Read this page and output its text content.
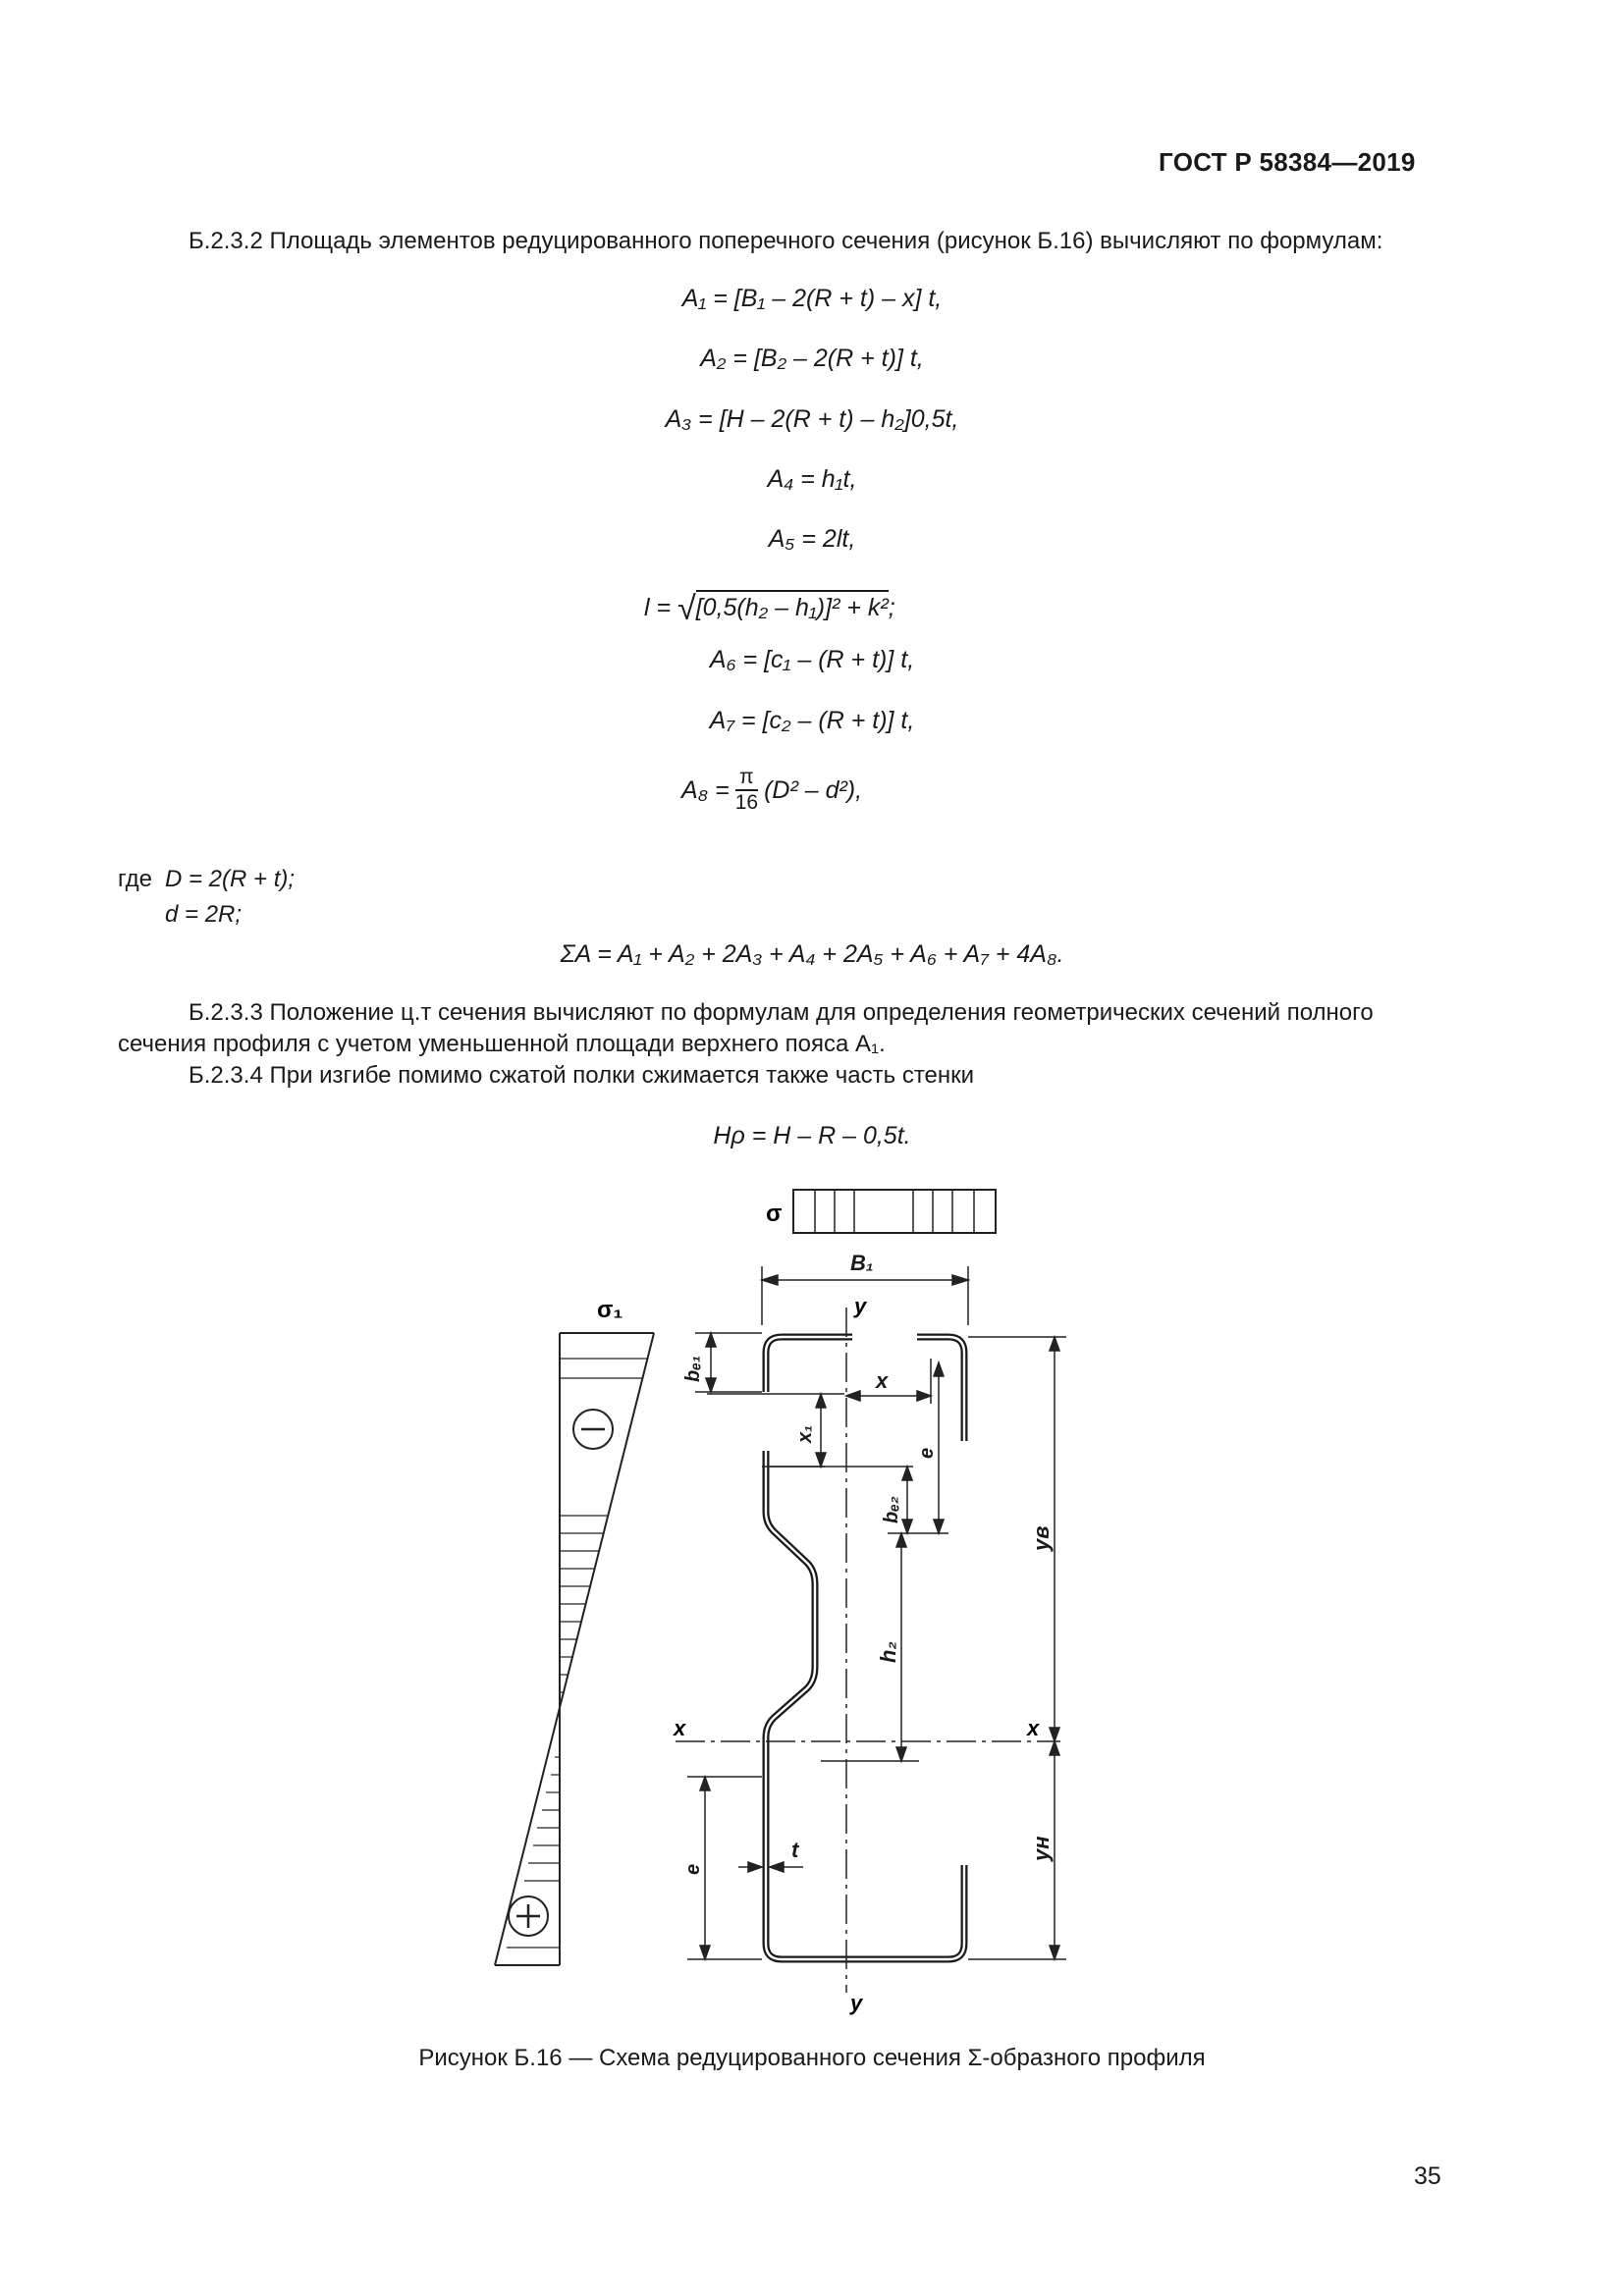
ГОСТ Р 58384—2019
Б.2.3.2 Площадь элементов редуцированного поперечного сечения (рисунок Б.16) вычисляют по формулам:
A₁ = [B₁ – 2(R + t) – x] t,
A₂ = [B₂ – 2(R + t)] t,
A₃ = [H – 2(R + t) – h₂]0,5t,
A₄ = h₁t,
A₅ = 2lt,
l = √[0,5(h₂ – h₁)]² + k²;
A₆ = [c₁ – (R + t)] t,
A₇ = [c₂ – (R + t)] t,
$A_8 = \frac{\pi}{16} (D^2 - d^2)$,
где D = 2(R + t);
d = 2R;
ΣA = A₁ + A₂ + 2A₃ + A₄ + 2A₅ + A₆ + A₇ + 4A₈.
Б.2.3.3 Положение ц.т сечения вычисляют по формулам для определения геометрических сечений полного сечения профиля с учетом уменьшенной площади верхнего пояса A₁.
Б.2.3.4 При изгибе помимо сжатой полки сжимается также часть стенки
Hρ = H – R – 0,5t.
σ
σ₁	y
y
x	x
B₁
bₑ₁	x
x₁
e
bₑ₂
h₂
yв
yн
e
t
Рисунок Б.16 — Схема редуцированного сечения Σ-образного профиля
35
